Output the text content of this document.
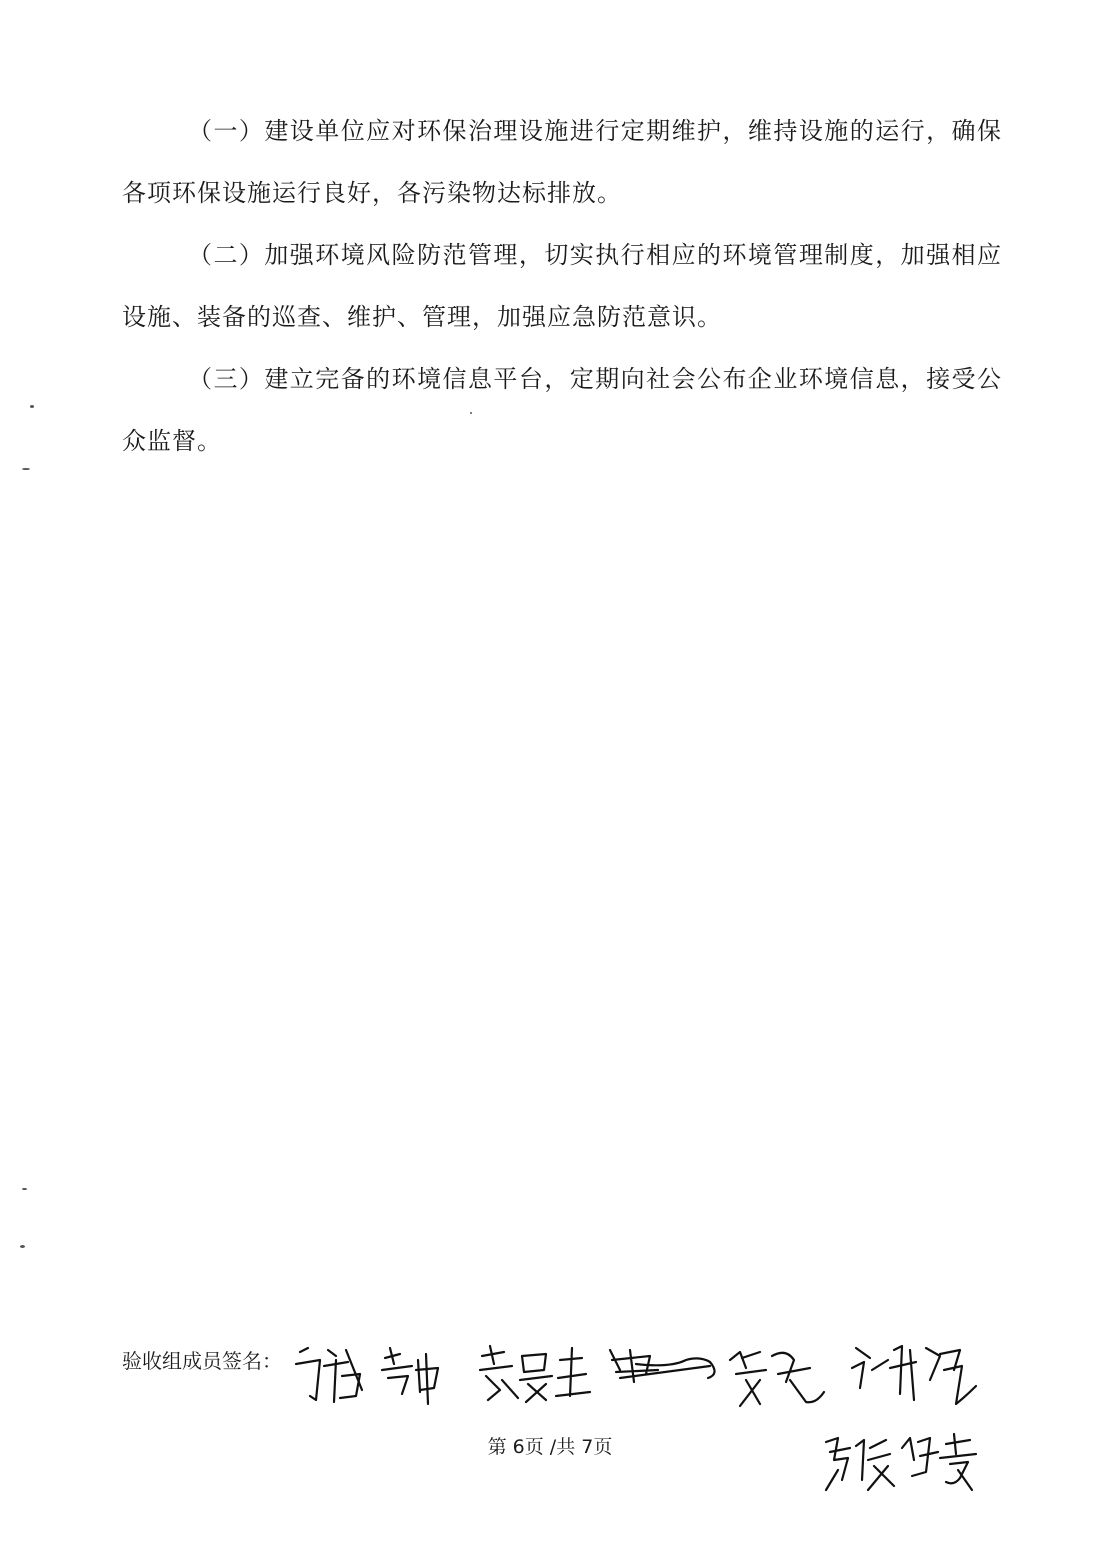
（一）建设单位应对环保治理设施进行定期维护，维持设施的运行，确保各项环保设施运行良好，各污染物达标排放。

（二）加强环境风险防范管理，切实执行相应的环境管理制度，加强相应设施、装备的巡查、维护、管理，加强应急防范意识。

（三）建立完备的环境信息平台，定期向社会公布企业环境信息，接受公众监督。

验收组成员签名：
第 6页 /共 7页
